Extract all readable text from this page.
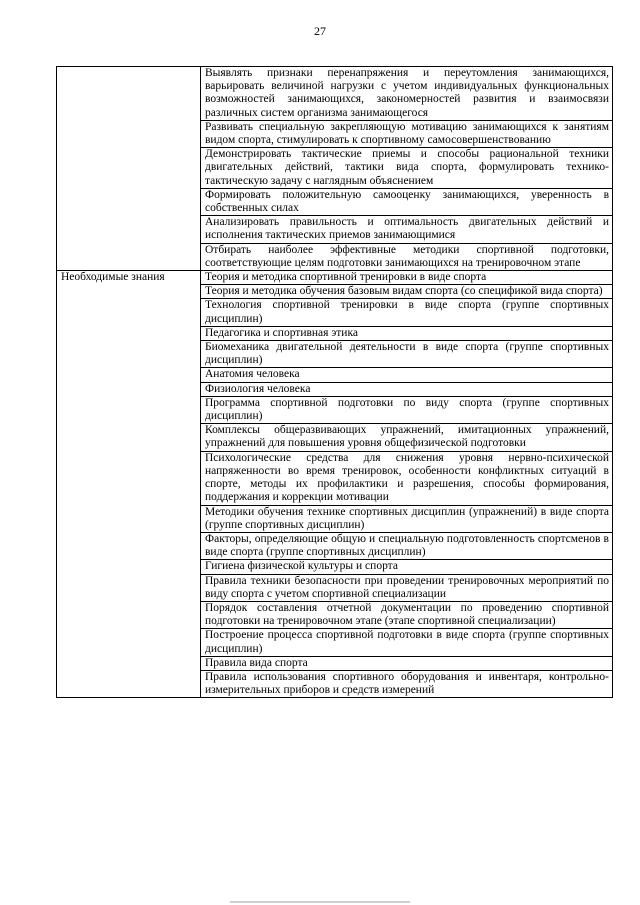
27
	Выявлять признаки перенапряжения и переутомления занимающихся, варьировать величиной нагрузки с учетом индивидуальных функциональных возможностей занимающихся, закономерностей развития и взаимосвязи различных систем организма занимающегося
	Развивать специальную закрепляющую мотивацию занимающихся к занятиям видом спорта, стимулировать к спортивному самосовершенствованию
	Демонстрировать тактические приемы и способы рациональной техники двигательных действий, тактики вида спорта, формулировать технико-тактическую задачу с наглядным объяснением
	Формировать положительную самооценку занимающихся, уверенность в собственных силах
	Анализировать правильность и оптимальность двигательных действий и исполнения тактических приемов занимающимися
	Отбирать наиболее эффективные методики спортивной подготовки, соответствующие целям подготовки занимающихся на тренировочном этапе
Необходимые знания	Теория и методика спортивной тренировки в виде спорта
	Теория и методика обучения базовым видам спорта (со спецификой вида спорта)
	Технология спортивной тренировки в виде спорта (группе спортивных дисциплин)
	Педагогика и спортивная этика
	Биомеханика двигательной деятельности в виде спорта (группе спортивных дисциплин)
	Анатомия человека
	Физиология человека
	Программа спортивной подготовки по виду спорта (группе спортивных дисциплин)
	Комплексы общеразвивающих упражнений, имитационных упражнений, упражнений для повышения уровня общефизической подготовки
	Психологические средства для снижения уровня нервно-психической напряженности во время тренировок, особенности конфликтных ситуаций в спорте, методы их профилактики и разрешения, способы формирования, поддержания и коррекции мотивации
	Методики обучения технике спортивных дисциплин (упражнений) в виде спорта (группе спортивных дисциплин)
	Факторы, определяющие общую и специальную подготовленность спортсменов в виде спорта (группе спортивных дисциплин)
	Гигиена физической культуры и спорта
	Правила техники безопасности при проведении тренировочных мероприятий по виду спорта с учетом спортивной специализации
	Порядок составления отчетной документации по проведению спортивной подготовки на тренировочном этапе (этапе спортивной специализации)
	Построение процесса спортивной подготовки в виде спорта (группе спортивных дисциплин)
	Правила вида спорта
	Правила использования спортивного оборудования и инвентаря, контрольно-измерительных приборов и средств измерений
